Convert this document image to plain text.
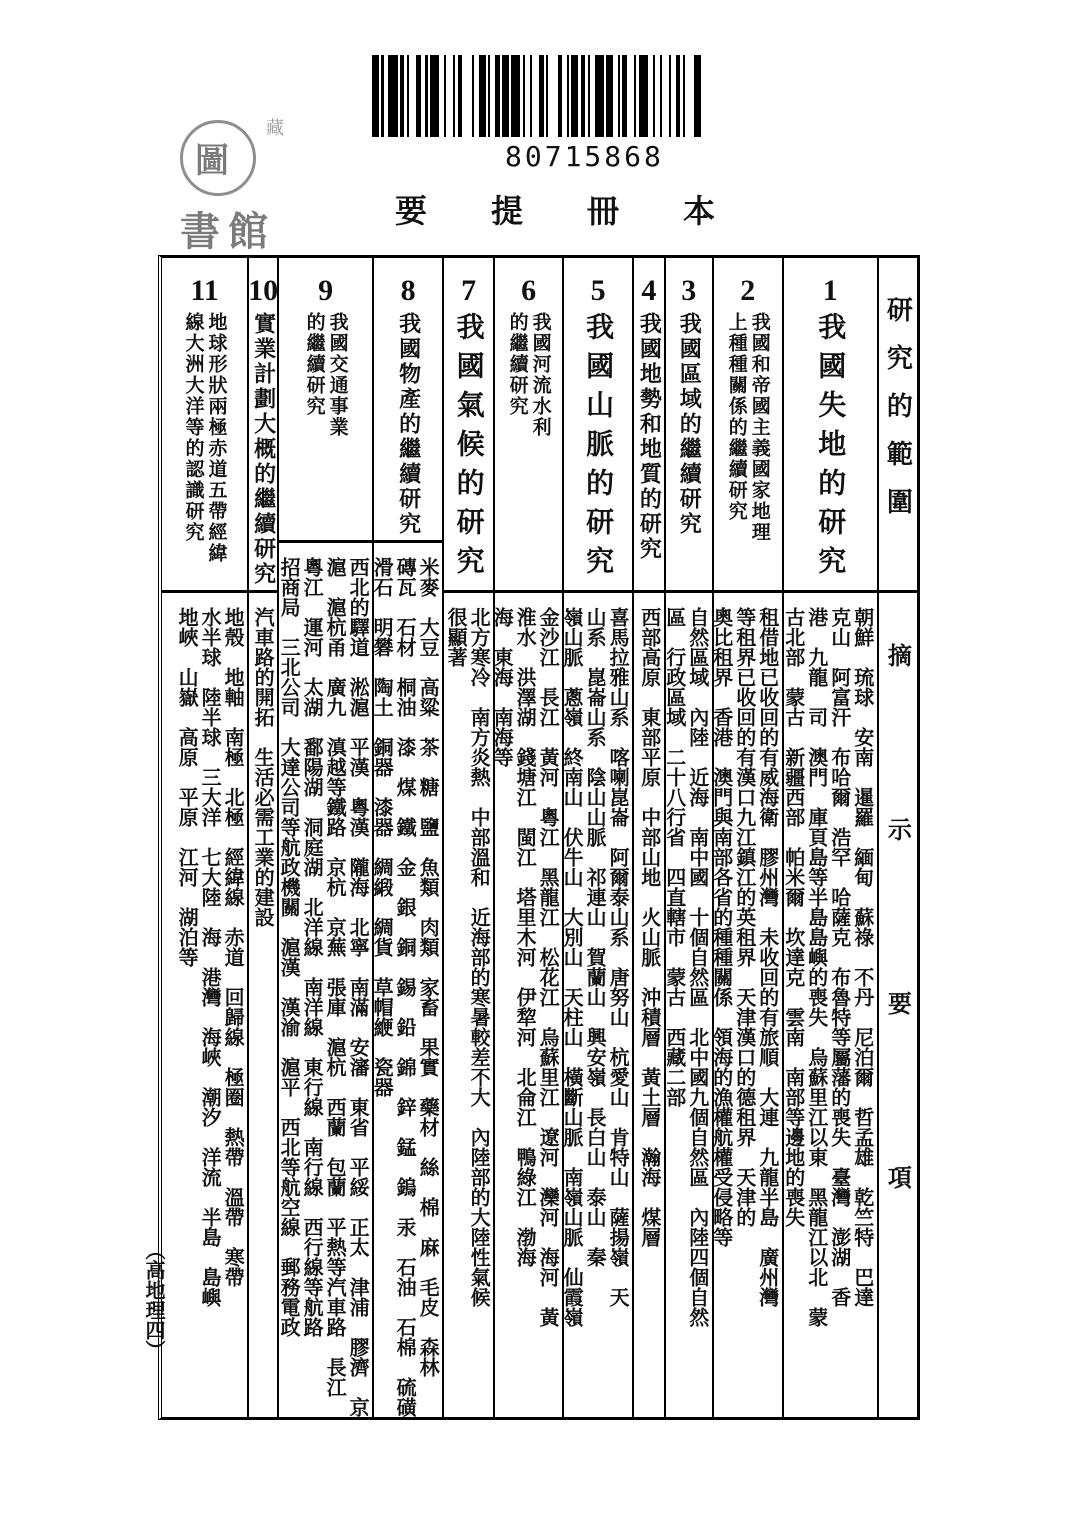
80715868
圖
書館
藏
要 提 冊 本
研究的範圍
摘示要項
1
我國失地的研究
朝鮮　琉球　安南　暹羅　緬甸　蘇祿　不丹　尼泊爾　哲孟雄　乾竺特　巴達
克山　阿富汗　布哈爾　浩罕　哈薩克　布魯特等屬藩的喪失　臺灣　澎湖　香
港　九龍　司　澳門　庫頁島等半島島嶼的喪失　烏蘇里江以東　黑龍江以北　蒙
古北部　蒙古　新疆西部　帕米爾　坎達克　雲南　南部等邊地的喪失
2
我國和帝國主義國家地理
上種種關係的繼續研究
租借地已收回的有威海衛　膠州灣　未收回的有旅順　大連　九龍半島　廣州灣
等租界已收回的有漢口九江鎮江的英租界　天津漢口的德租界　天津的
奧比租界　香港　澳門與南部各省的種種關係　領海的漁權航權受侵略等
3
我國區域的繼續研究
自然區域　內陸　近海　南中國　十個自然區　北中國九個自然區　內陸四個自然
區　行政區域　二十八行省　四直轄市　蒙古　西藏二部
4
我國地勢和地質的研究
西部高原　東部平原　中部山地　火山脈　沖積層　黃土層　瀚海　煤層
5
我國山脈的研究
喜馬拉雅山系　喀喇崑崙　阿爾泰山系　唐努山　杭愛山　肯特山　薩揚嶺　天
山系　崑崙山系　陰山山脈　祁連山　賀蘭山　興安嶺　長白山　泰山　秦
嶺山脈　蔥嶺　終南山　伏牛山　大別山　天柱山　橫斷山脈　南嶺山脈　仙霞嶺
6
我國河流水利
的繼續研究
金沙江　長江　黃河　粵江　黑龍江　松花江　烏蘇里江　遼河　灤河　海河　黃
淮水　洪澤湖　錢塘江　閩江　塔里木河　伊犂河　北侖江　鴨綠江　渤海
海　東海　南海等
7
我國氣候的研究
北方寒冷　南方炎熱　中部溫和　近海部的寒暑較差不大　內陸部的大陸性氣候
很顯著
8
我國物產的繼續研究
米麥　大豆　高粱　茶　糖　鹽　魚類　肉類　家畜　果實　藥材　絲　棉　麻　毛皮　森林
磚瓦　石材　桐油　漆　煤　鐵　金　銀　銅　錫　鉛　錦　鋅　錳　鎢　汞　石油　石棉　硫磺
滑石　明礬　陶土　銅器　漆器　綢緞　綢貨　草帽緶　瓷器
9
我國交通事業
的繼續研究
西北的驛道　淞滬　平漢　粵漢　隴海　北寧　南滿　安瀋　東省　平綏　正太　津浦　膠濟　京
滬　滬杭甬　廣九　滇越等鐵路　京杭　京蕪　張庫　滬杭　西蘭　包蘭　平熱等汽車路　長江
粵江　運河　太湖　鄱陽湖　洞庭湖　北洋線　南洋線　東行線　南行線　西行線等航路
招商局　三北公司　大達公司等航政機關　滬漢　漢渝　滬平　西北等航空線　郵務電政
10
實業計劃大概的繼續研究
汽車路的開拓　生活必需工業的建設
11
地球形狀兩極赤道五帶經緯
線大洲大洋等的認識研究
地殼　地軸　南極　北極　經緯線　赤道　回歸線　極圈　熱帶　溫帶　寒帶
水半球　陸半球　三大洋　七大陸　海　港灣　海峽　潮汐　洋流　半島　島嶼
地峽　山嶽　高原　平原　江河　湖泊等
（高地理四）
